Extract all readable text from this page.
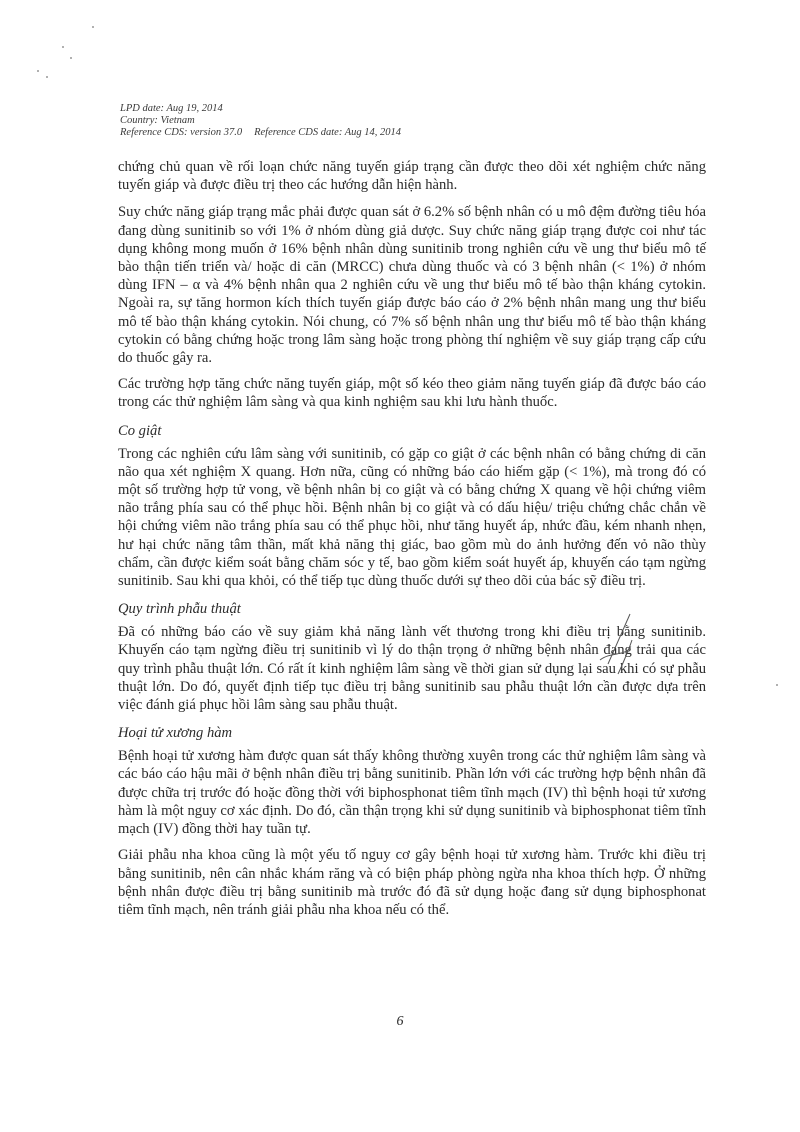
LPD date: Aug 19, 2014
Country: Vietnam
Reference CDS: version 37.0 Reference CDS date: Aug 14, 2014

chứng chủ quan về rối loạn chức năng tuyến giáp trạng cần được theo dõi xét nghiệm chức năng tuyến giáp và được điều trị theo các hướng dẫn hiện hành.

Suy chức năng giáp trạng mắc phải được quan sát ở 6.2% số bệnh nhân có u mô đệm đường tiêu hóa đang dùng sunitinib so với 1% ở nhóm dùng giả dược. Suy chức năng giáp trạng được coi như tác dụng không mong muốn ở 16% bệnh nhân dùng sunitinib trong nghiên cứu về ung thư biểu mô tế bào thận tiến triển và/ hoặc di căn (MRCC) chưa dùng thuốc và có 3 bệnh nhân (< 1%) ở nhóm dùng IFN – α và 4% bệnh nhân qua 2 nghiên cứu về ung thư biểu mô tế bào thận kháng cytokin. Ngoài ra, sự tăng hormon kích thích tuyến giáp được báo cáo ở 2% bệnh nhân mang ung thư biểu mô tế bào thận kháng cytokin. Nói chung, có 7% số bệnh nhân ung thư biểu mô tế bào thận kháng cytokin có bằng chứng hoặc trong lâm sàng hoặc trong phòng thí nghiệm về suy giáp trạng cấp cứu do thuốc gây ra.

Các trường hợp tăng chức năng tuyến giáp, một số kéo theo giảm năng tuyến giáp đã được báo cáo trong các thử nghiệm lâm sàng và qua kinh nghiệm sau khi lưu hành thuốc.

Co giật

Trong các nghiên cứu lâm sàng với sunitinib, có gặp co giật ở các bệnh nhân có bằng chứng di căn não qua xét nghiệm X quang. Hơn nữa, cũng có những báo cáo hiếm gặp (< 1%), mà trong đó có một số trường hợp tử vong, về bệnh nhân bị co giật và có bằng chứng X quang về hội chứng viêm não trắng phía sau có thể phục hồi. Bệnh nhân bị co giật và có dấu hiệu/ triệu chứng chắc chắn về hội chứng viêm não trắng phía sau có thể phục hồi, như tăng huyết áp, nhức đầu, kém nhanh nhẹn, hư hại chức năng tâm thần, mất khả năng thị giác, bao gồm mù do ảnh hưởng đến vỏ não thùy chẩm, cần được kiểm soát bằng chăm sóc y tế, bao gồm kiểm soát huyết áp, khuyến cáo tạm ngừng sunitinib. Sau khi qua khỏi, có thể tiếp tục dùng thuốc dưới sự theo dõi của bác sỹ điều trị.

Quy trình phẫu thuật

Đã có những báo cáo về suy giảm khả năng lành vết thương trong khi điều trị bằng sunitinib. Khuyến cáo tạm ngừng điều trị sunitinib vì lý do thận trọng ở những bệnh nhân đang trải qua các quy trình phẫu thuật lớn. Có rất ít kinh nghiệm lâm sàng về thời gian sử dụng lại sau khi có sự phẫu thuật lớn. Do đó, quyết định tiếp tục điều trị bằng sunitinib sau phẫu thuật lớn cần được dựa trên việc đánh giá phục hồi lâm sàng sau phẫu thuật.

Hoại tử xương hàm

Bệnh hoại tử xương hàm được quan sát thấy không thường xuyên trong các thử nghiệm lâm sàng và các báo cáo hậu mãi ở bệnh nhân điều trị bằng sunitinib. Phần lớn với các trường hợp bệnh nhân đã được chữa trị trước đó hoặc đồng thời với biphosphonat tiêm tĩnh mạch (IV) thì bệnh hoại tử xương hàm là một nguy cơ xác định. Do đó, cần thận trọng khi sử dụng sunitinib và biphosphonat tiêm tĩnh mạch (IV) đồng thời hay tuần tự.

Giải phẫu nha khoa cũng là một yếu tố nguy cơ gây bệnh hoại tử xương hàm. Trước khi điều trị bằng sunitinib, nên cân nhắc khám răng và có biện pháp phòng ngừa nha khoa thích hợp. Ở những bệnh nhân được điều trị bằng sunitinib mà trước đó đã sử dụng hoặc đang sử dụng biphosphonat tiêm tĩnh mạch, nên tránh giải phẫu nha khoa nếu có thể.

6
